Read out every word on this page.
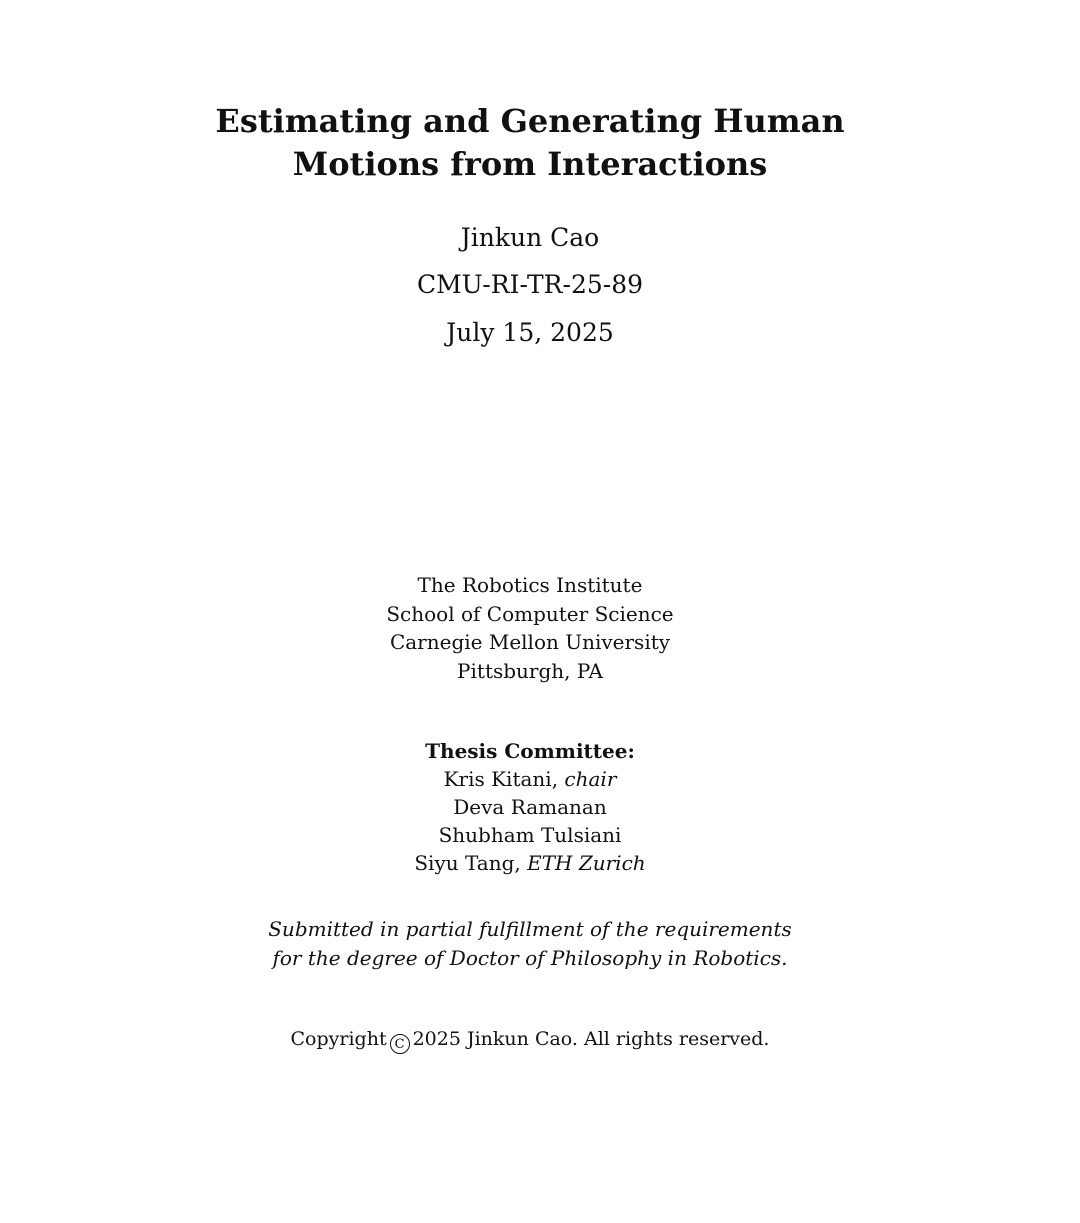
Estimating and Generating Human
Motions from Interactions
Jinkun Cao
CMU-RI-TR-25-89
July 15, 2025
The Robotics Institute
School of Computer Science
Carnegie Mellon University
Pittsburgh, PA
Thesis Committee:
Kris Kitani, chair
Deva Ramanan
Shubham Tulsiani
Siyu Tang, ETH Zurich
Submitted in partial fulfillment of the requirements
for the degree of Doctor of Philosophy in Robotics.
Copyright C 2025 Jinkun Cao. All rights reserved.
